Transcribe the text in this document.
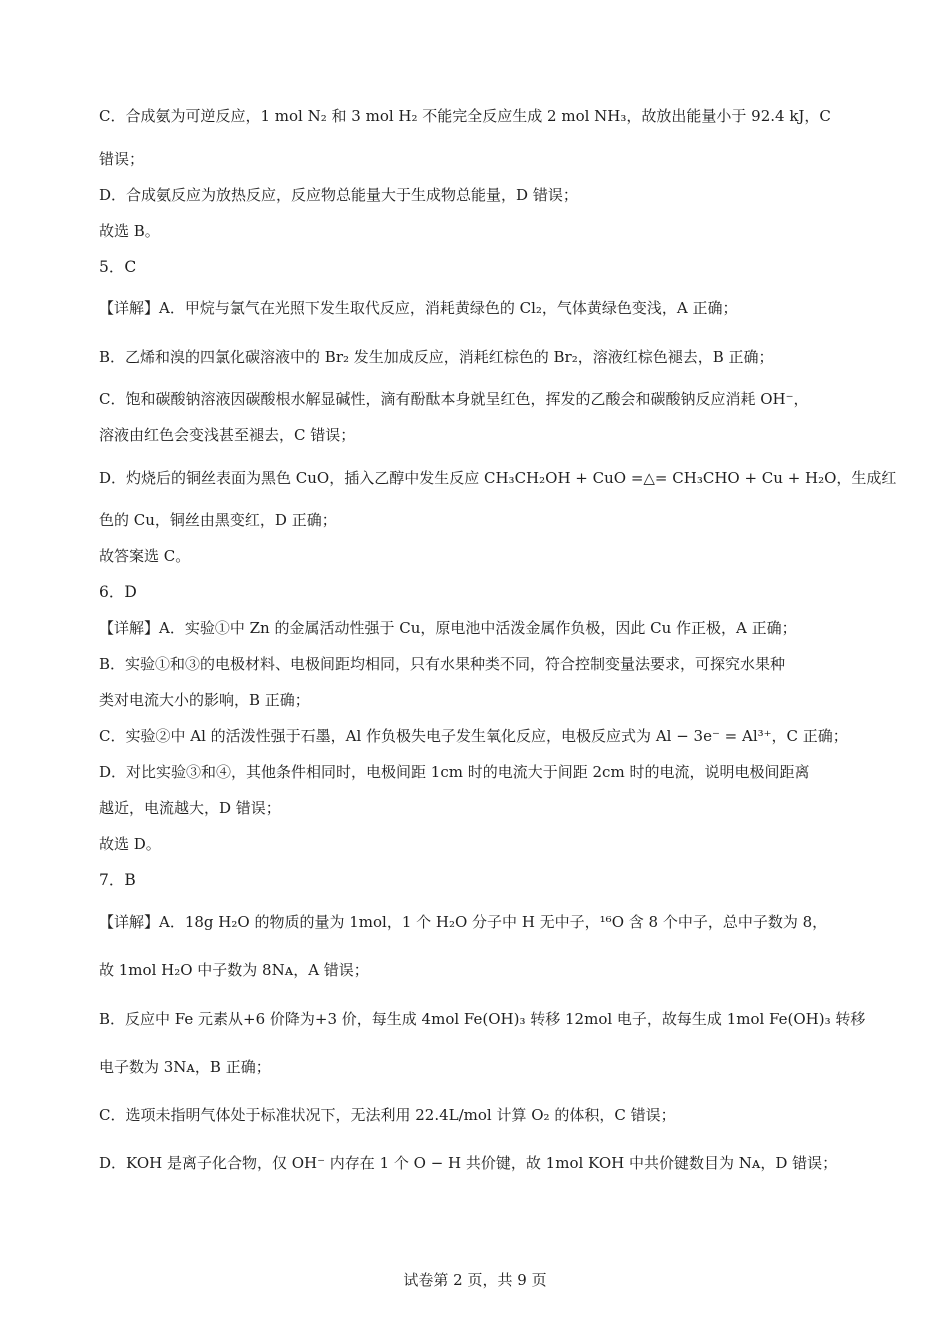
C．合成氨为可逆反应，1 mol N₂ 和 3 mol H₂ 不能完全反应生成 2 mol NH₃，故放出能量小于 92.4 kJ，C
错误；
D．合成氨反应为放热反应，反应物总能量大于生成物总能量，D 错误；
故选 B。
5．C
【详解】A．甲烷与氯气在光照下发生取代反应，消耗黄绿色的 Cl₂，气体黄绿色变浅，A 正确；
B．乙烯和溴的四氯化碳溶液中的 Br₂ 发生加成反应，消耗红棕色的 Br₂，溶液红棕色褪去，B 正确；
C．饱和碳酸钠溶液因碳酸根水解显碱性，滴有酚酞本身就呈红色，挥发的乙酸会和碳酸钠反应消耗 OH⁻，
溶液由红色会变浅甚至褪去，C 错误；
D．灼烧后的铜丝表面为黑色 CuO，插入乙醇中发生反应 CH₃CH₂OH + CuO =△= CH₃CHO + Cu + H₂O，生成红
色的 Cu，铜丝由黑变红，D 正确；
故答案选 C。
6．D
【详解】A．实验①中 Zn 的金属活动性强于 Cu，原电池中活泼金属作负极，因此 Cu 作正极，A 正确；
B．实验①和③的电极材料、电极间距均相同，只有水果种类不同，符合控制变量法要求，可探究水果种
类对电流大小的影响，B 正确；
C．实验②中 Al 的活泼性强于石墨，Al 作负极失电子发生氧化反应，电极反应式为 Al − 3e⁻ = Al³⁺，C 正确；
D．对比实验③和④，其他条件相同时，电极间距 1cm 时的电流大于间距 2cm 时的电流，说明电极间距离
越近，电流越大，D 错误；
故选 D。
7．B
【详解】A．18g H₂O 的物质的量为 1mol，1 个 H₂O 分子中 H 无中子，¹⁶O 含 8 个中子，总中子数为 8，
故 1mol H₂O 中子数为 8Nᴀ，A 错误；
B．反应中 Fe 元素从+6 价降为+3 价，每生成 4mol Fe(OH)₃ 转移 12mol 电子，故每生成 1mol Fe(OH)₃ 转移
电子数为 3Nᴀ，B 正确；
C．选项未指明气体处于标准状况下，无法利用 22.4L/mol 计算 O₂ 的体积，C 错误；
D．KOH 是离子化合物，仅 OH⁻ 内存在 1 个 O − H 共价键，故 1mol KOH 中共价键数目为 Nᴀ，D 错误；
试卷第 2 页，共 9 页
